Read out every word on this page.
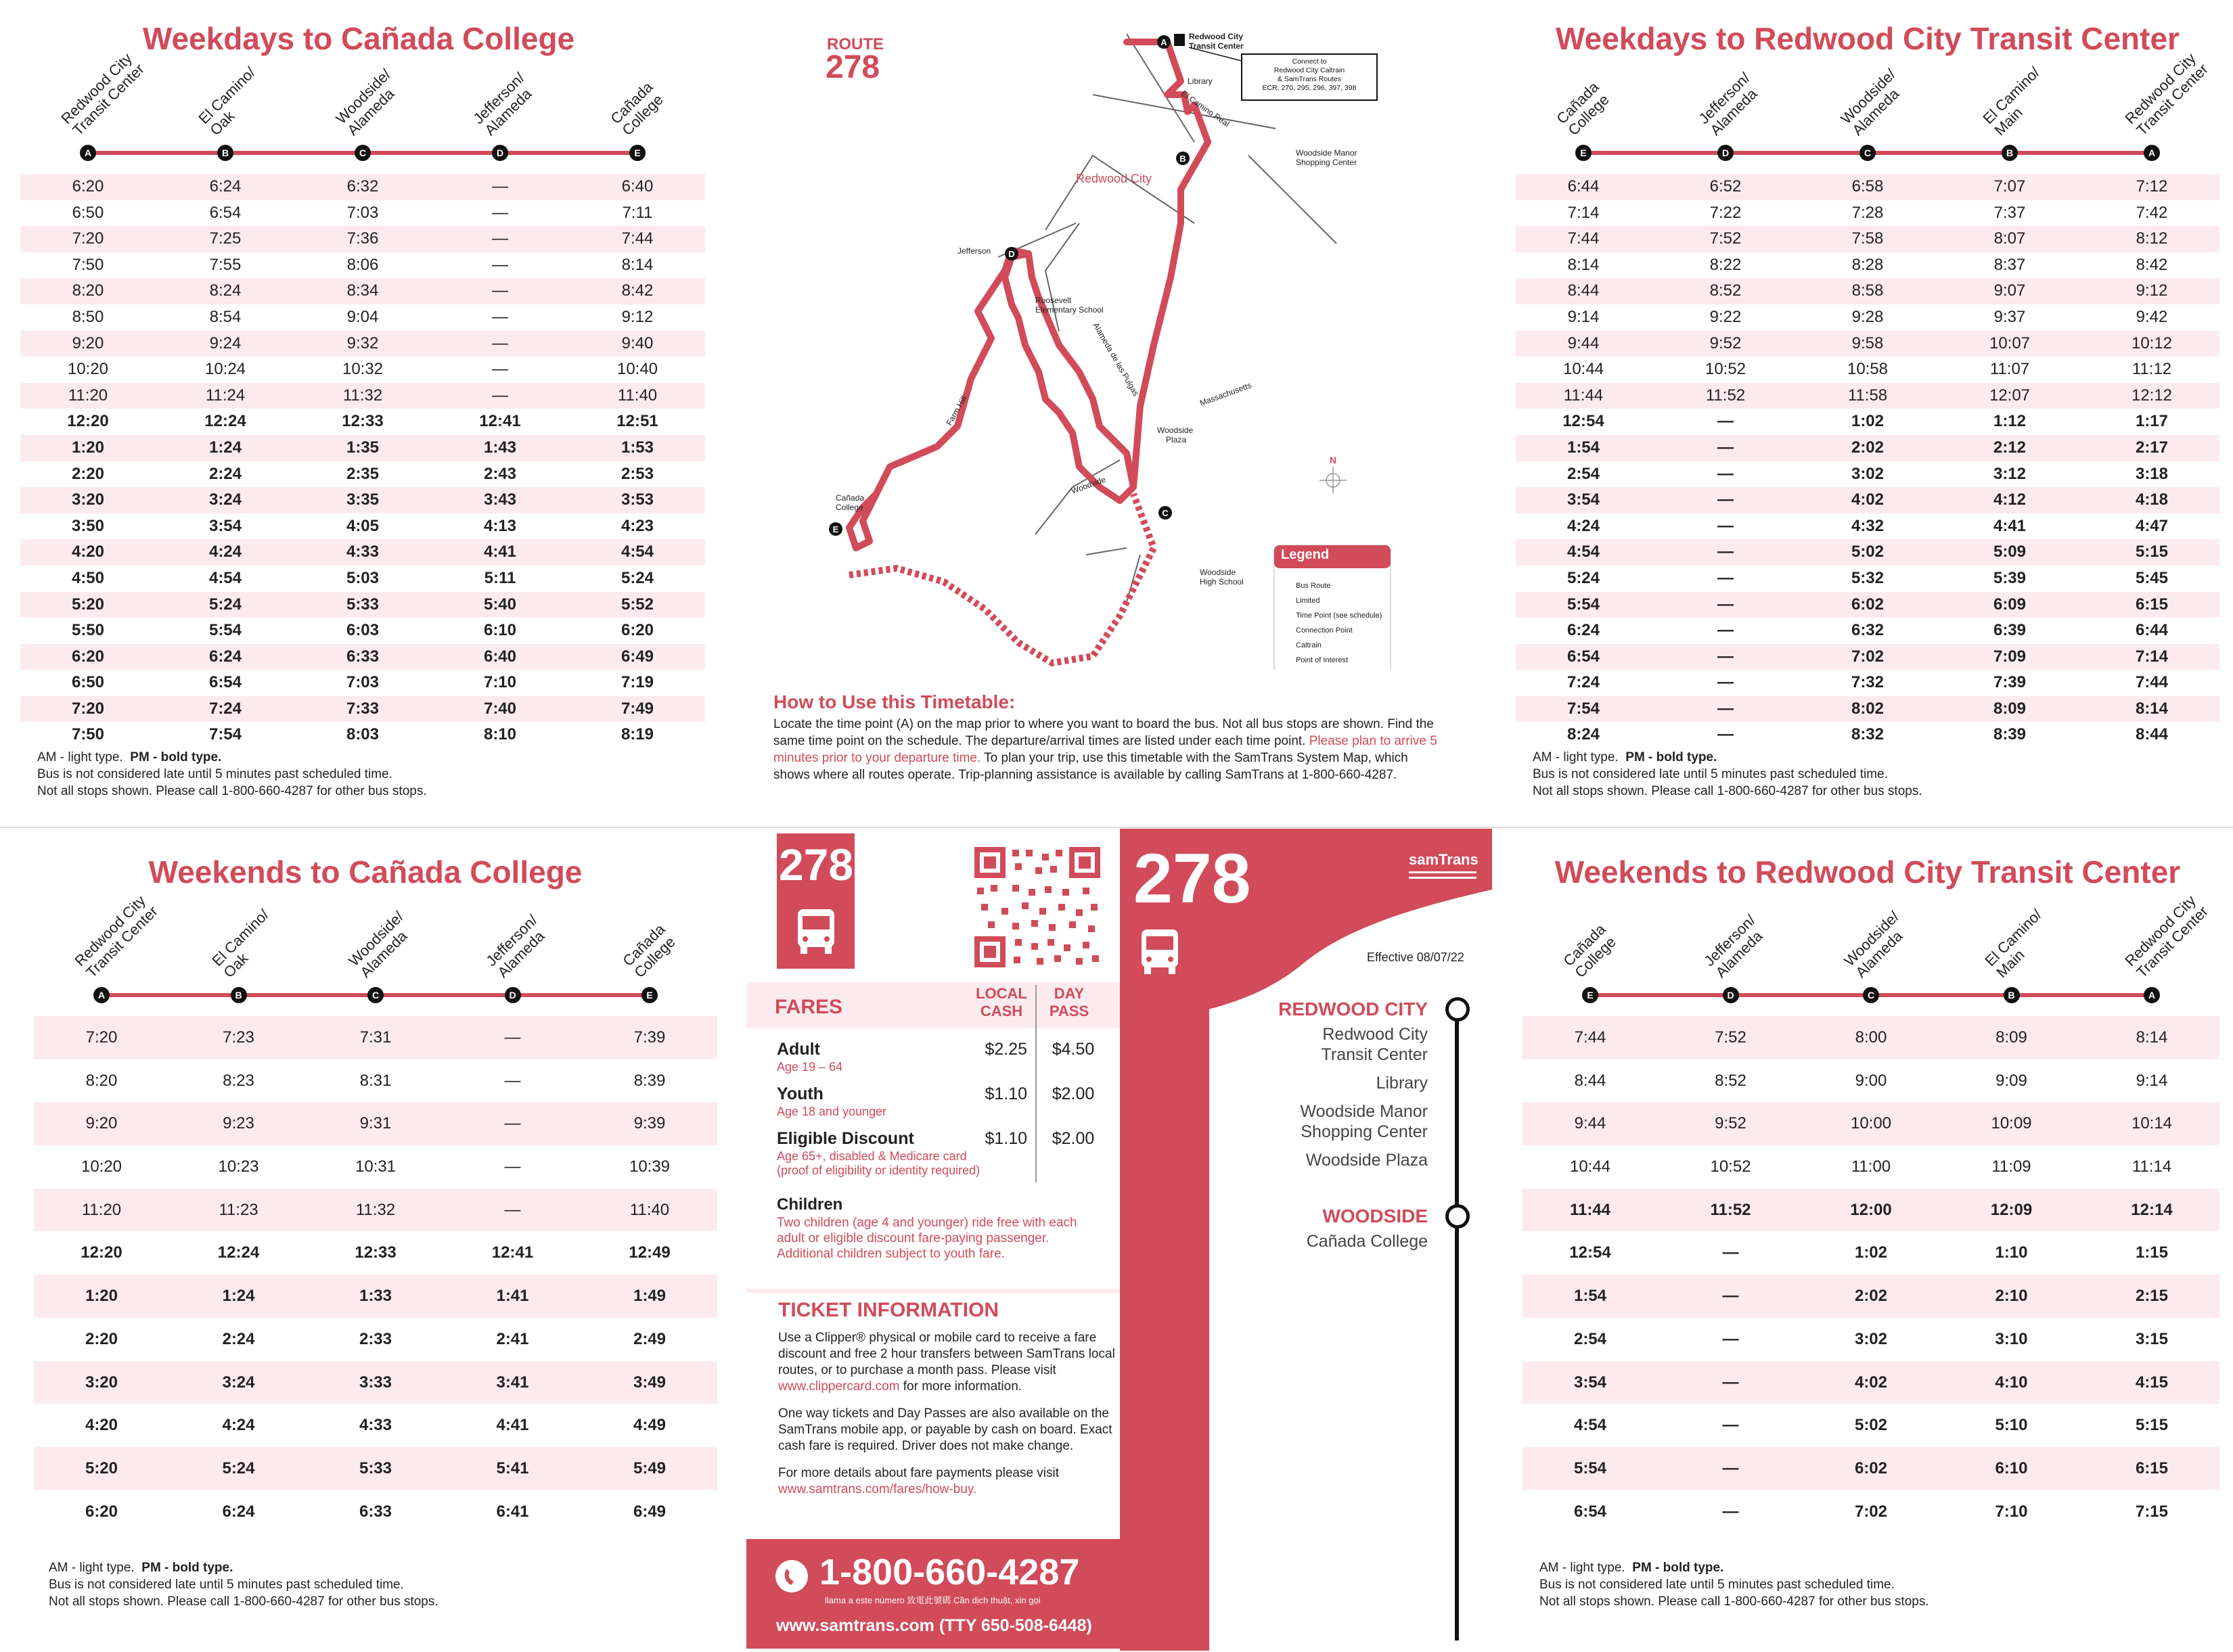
Weekdays to Cañada College
Redwood City
Transit Center
A
El Camino/
Oak
B
Woodside/
Alameda
C
Jefferson/
Alameda
D
Cañada
College
E
6:20	6:24	6:32	—	6:40
6:50	6:54	7:03	—	7:11
7:20	7:25	7:36	—	7:44
7:50	7:55	8:06	—	8:14
8:20	8:24	8:34	—	8:42
8:50	8:54	9:04	—	9:12
9:20	9:24	9:32	—	9:40
10:20	10:24	10:32	—	10:40
11:20	11:24	11:32	—	11:40
12:20	12:24	12:33	12:41	12:51
1:20	1:24	1:35	1:43	1:53
2:20	2:24	2:35	2:43	2:53
3:20	3:24	3:35	3:43	3:53
3:50	3:54	4:05	4:13	4:23
4:20	4:24	4:33	4:41	4:54
4:50	4:54	5:03	5:11	5:24
5:20	5:24	5:33	5:40	5:52
5:50	5:54	6:03	6:10	6:20
6:20	6:24	6:33	6:40	6:49
6:50	6:54	7:03	7:10	7:19
7:20	7:24	7:33	7:40	7:49
7:50	7:54	8:03	8:10	8:19
Weekdays to Redwood City Transit Center
Cañada
College
E
Jefferson/
Alameda
D
Woodside/
Alameda
C
El Camino/
Main
B
Redwood City
Transit Center
A
6:44	6:52	6:58	7:07	7:12
7:14	7:22	7:28	7:37	7:42
7:44	7:52	7:58	8:07	8:12
8:14	8:22	8:28	8:37	8:42
8:44	8:52	8:58	9:07	9:12
9:14	9:22	9:28	9:37	9:42
9:44	9:52	9:58	10:07	10:12
10:44	10:52	10:58	11:07	11:12
11:44	11:52	11:58	12:07	12:12
12:54	—	1:02	1:12	1:17
1:54	—	2:02	2:12	2:17
2:54	—	3:02	3:12	3:18
3:54	—	4:02	4:12	4:18
4:24	—	4:32	4:41	4:47
4:54	—	5:02	5:09	5:15
5:24	—	5:32	5:39	5:45
5:54	—	6:02	6:09	6:15
6:24	—	6:32	6:39	6:44
6:54	—	7:02	7:09	7:14
7:24	—	7:32	7:39	7:44
7:54	—	8:02	8:09	8:14
8:24	—	8:32	8:39	8:44
Weekends to Cañada College
Redwood City
Transit Center
A
El Camino/
Oak
B
Woodside/
Alameda
C
Jefferson/
Alameda
D
Cañada
College
E
7:20	7:23	7:31	—	7:39
8:20	8:23	8:31	—	8:39
9:20	9:23	9:31	—	9:39
10:20	10:23	10:31	—	10:39
11:20	11:23	11:32	—	11:40
12:20	12:24	12:33	12:41	12:49
1:20	1:24	1:33	1:41	1:49
2:20	2:24	2:33	2:41	2:49
3:20	3:24	3:33	3:41	3:49
4:20	4:24	4:33	4:41	4:49
5:20	5:24	5:33	5:41	5:49
6:20	6:24	6:33	6:41	6:49
Weekends to Redwood City Transit Center
Cañada
College
E
Jefferson/
Alameda
D
Woodside/
Alameda
C
El Camino/
Main
B
Redwood City
Transit Center
A
7:44	7:52	8:00	8:09	8:14
8:44	8:52	9:00	9:09	9:14
9:44	9:52	10:00	10:09	10:14
10:44	10:52	11:00	11:09	11:14
11:44	11:52	12:00	12:09	12:14
12:54	—	1:02	1:10	1:15
1:54	—	2:02	2:10	2:15
2:54	—	3:02	3:10	3:15
3:54	—	4:02	4:10	4:15
4:54	—	5:02	5:10	5:15
5:54	—	6:02	6:10	6:15
6:54	—	7:02	7:10	7:15
AM - light type. PM - bold type.
Bus is not considered late until 5 minutes past scheduled time.
Not all stops shown. Please call 1-800-660-4287 for other bus stops.
AM - light type. PM - bold type.
Bus is not considered late until 5 minutes past scheduled time.
Not all stops shown. Please call 1-800-660-4287 for other bus stops.
AM - light type. PM - bold type.
Bus is not considered late until 5 minutes past scheduled time.
Not all stops shown. Please call 1-800-660-4287 for other bus stops.
AM - light type. PM - bold type.
Bus is not considered late until 5 minutes past scheduled time.
Not all stops shown. Please call 1-800-660-4287 for other bus stops.
ROUTE
278
A
B
C
D
E
Redwood City
Transit Center
Library
Woodside Manor
Shopping Center
Roosevelt
Elementary School
Woodside
Plaza
Woodside
High School
Cañada
College
Jefferson
Farm Hill
Woodside
Massachusetts
Alameda de las Pulgas
El Camino Real
Redwood City
Connect to
Redwood City Caltrain
& SamTrans Routes
ECR, 270, 295, 296, 397, 398
N
Legend
Bus Route
Limited
Time Point (see schedule)
Connection Point
Caltrain
Point of Interest
How to Use this Timetable:
Locate the time point (A) on the map prior to where you want to board the bus. Not all bus stops are shown. Find the same time point on the schedule. The departure/arrival times are listed under each time point. Please plan to arrive 5 minutes prior to your departure time. To plan your trip, use this timetable with the SamTrans System Map, which shows where all routes operate. Trip-planning assistance is available by calling SamTrans at 1-800-660-4287.
278
FARES
LOCAL
CASH
DAY
PASS
Adult
Age 19 – 64
$2.25	$4.50
Youth
Age 18 and younger
$1.10	$2.00
Eligible Discount
Age 65+, disabled & Medicare card
(proof of eligibility or identity required)
$1.10	$2.00
Children
Two children (age 4 and younger) ride free with each adult or eligible discount fare-paying passenger. Additional children subject to youth fare.
TICKET INFORMATION
Use a Clipper® physical or mobile card to receive a fare discount and free 2 hour transfers between SamTrans local routes, or to purchase a month pass. Please visit www.clippercard.com for more information.
One way tickets and Day Passes are also available on the SamTrans mobile app, or payable by cash on board. Exact cash fare is required. Driver does not make change.
For more details about fare payments please visit
www.samtrans.com/fares/how-buy.
1-800-660-4287
llama a este número 致電此號碼 Cần dịch thuật, xin gọi
www.samtrans.com (TTY 650-508-6448)
278	samTrans
Effective 08/07/22
REDWOOD CITY
Redwood City
Transit Center
Library
Woodside Manor
Shopping Center
Woodside Plaza
WOODSIDE
Cañada College
